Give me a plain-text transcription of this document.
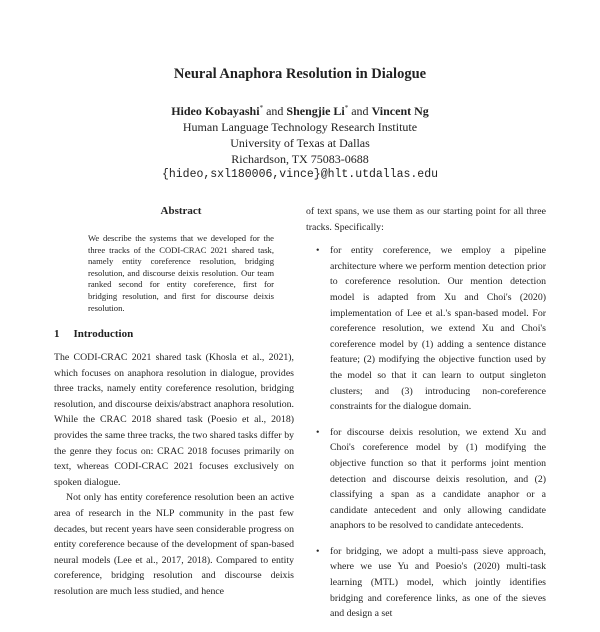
Neural Anaphora Resolution in Dialogue
Hideo Kobayashi* and Shengjie Li* and Vincent Ng
Human Language Technology Research Institute
University of Texas at Dallas
Richardson, TX 75083-0688
{hideo,sxl180006,vince}@hlt.utdallas.edu
Abstract
We describe the systems that we developed for the three tracks of the CODI-CRAC 2021 shared task, namely entity coreference resolution, bridging resolution, and discourse deixis resolution. Our team ranked second for entity coreference, first for bridging resolution, and first for discourse deixis resolution.
1 Introduction

The CODI-CRAC 2021 shared task (Khosla et al., 2021), which focuses on anaphora resolution in dialogue, provides three tracks, namely entity coreference resolution, bridging resolution, and discourse deixis/abstract anaphora resolution. While the CRAC 2018 shared task (Poesio et al., 2018) provides the same three tracks, the two shared tasks differ by the genre they focus on: CRAC 2018 focuses primarily on text, whereas CODI-CRAC 2021 focuses exclusively on spoken dialogue.

Not only has entity coreference resolution been an active area of research in the NLP community in the past few decades, but recent years have seen considerable progress on entity coreference because of the development of span-based neural models (Lee et al., 2017, 2018). Compared to entity coreference, bridging resolution and discourse deixis resolution are much less studied, and hence

of text spans, we use them as our starting point for all three tracks. Specifically:

• for entity coreference, we employ a pipeline architecture where we perform mention detection prior to coreference resolution. Our mention detection model is adapted from Xu and Choi's (2020) implementation of Lee et al.'s span-based model. For coreference resolution, we extend Xu and Choi's coreference model by (1) adding a sentence distance feature; (2) modifying the objective function used by the model so that it can learn to output singleton clusters; and (3) introducing non-coreference constraints for the dialogue domain.
• for discourse deixis resolution, we extend Xu and Choi's coreference model by (1) modifying the objective function so that it performs joint mention detection and discourse deixis resolution, and (2) classifying a span as a candidate anaphor or a candidate antecedent and only allowing candidate anaphors to be resolved to candidate antecedents.
• for bridging, we adopt a multi-pass sieve approach, where we use Yu and Poesio's (2020) multi-task learning (MTL) model, which jointly identifies bridging and coreference links, as one of the sieves and design a set
